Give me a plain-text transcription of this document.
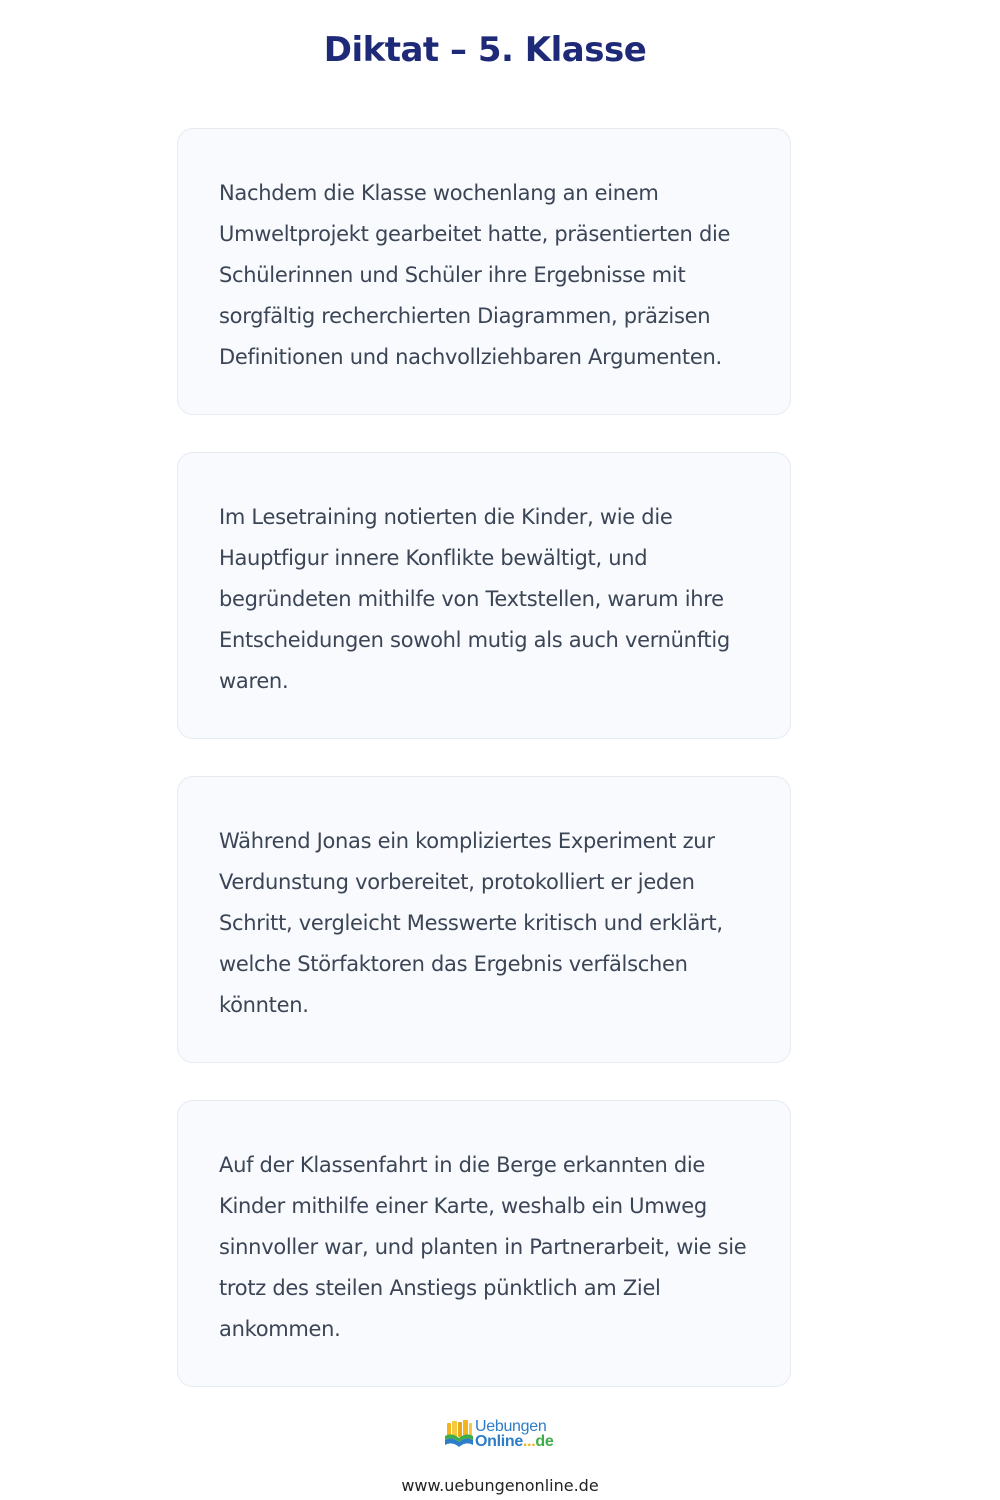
Diktat – 5. Klasse

Nachdem die Klasse wochenlang an einem Umweltprojekt gearbeitet hatte, präsentierten die Schülerinnen und Schüler ihre Ergebnisse mit sorgfältig recherchierten Diagrammen, präzisen Definitionen und nachvollziehbaren Argumenten.

Im Lesetraining notierten die Kinder, wie die Hauptfigur innere Konflikte bewältigt, und begründeten mithilfe von Textstellen, warum ihre Entscheidungen sowohl mutig als auch vernünftig waren.

Während Jonas ein kompliziertes Experiment zur Verdunstung vorbereitet, protokolliert er jeden Schritt, vergleicht Messwerte kritisch und erklärt, welche Störfaktoren das Ergebnis verfälschen könnten.

Auf der Klassenfahrt in die Berge erkannten die Kinder mithilfe einer Karte, weshalb ein Umweg sinnvoller war, und planten in Partnerarbeit, wie sie trotz des steilen Anstiegs pünktlich am Ziel ankommen.

Uebungen
Online...de
www.uebungenonline.de
